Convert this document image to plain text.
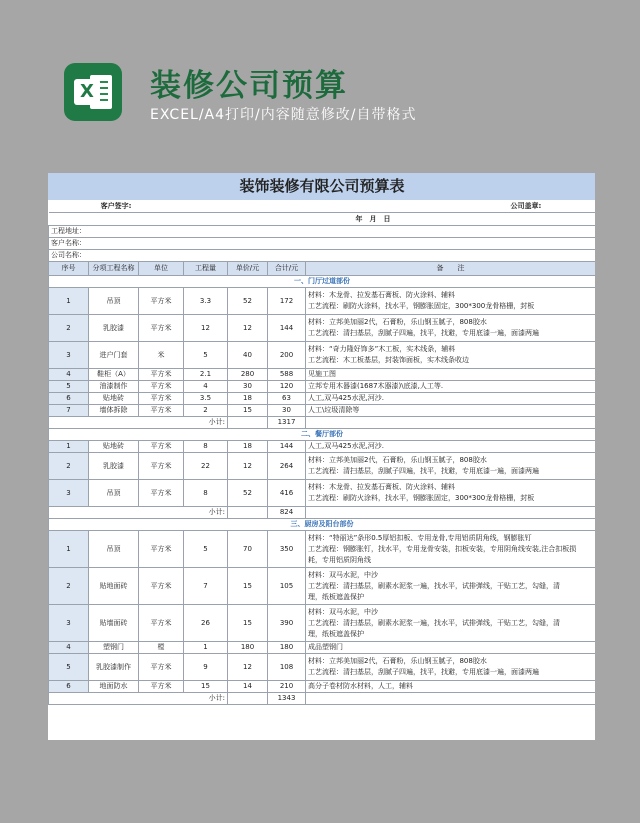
X 装修公司预算
EXCEL/A4打印/内容随意修改/自带格式
装饰装修有限公司预算表						
客户签字:						公司盖章:
						年　月　日
工程地址：						
客户名称：						
公司名称：						
序号	分项工程名称	单位	工程量	单价/元	合计/元	备　　注
一、门厅过道部份						
1	吊顶	平方米	3.3	52	172	材料：木龙骨、拉发基石膏板、防火涂料、辅料
工艺流程：刷防火涂料，找水平，钢膨胀固定，300*300龙骨格栅，封板

2	乳胶漆	平方米	12	12	144	材料：立邦美加丽2代，石膏粉，乐山钢玉腻子，808胶水
工艺流程：清扫基层，刮腻子四遍，找平，找避，专用底漆一遍，面漆两遍

3	进户门套	米	5	40	200	材料：“奇力隆好饰多”木工板，实木线条，辅料
工艺流程：木工板基层，封装饰面板，实木线条收边

4	鞋柜（A）	平方米	2.1	280	588	见施工图

5	油漆制作	平方米	4	30	120	立邦专用木器漆(1687木器漆)\底漆,人工等.

6	贴地砖	平方米	3.5	18	63	人工,双马425水泥,河沙.

7	墙体拆除	平方米	2	15	30	人工\垃圾清除等

小计:					1317	
二、餐厅部份						
1	贴地砖	平方米	8	18	144	人工,双马425水泥,河沙.

2	乳胶漆	平方米	22	12	264	材料：立邦美加丽2代，石膏粉，乐山钢玉腻子，808胶水
工艺流程：清扫基层，刮腻子四遍，找平，找避，专用底漆一遍，面漆两遍

3	吊顶	平方米	8	52	416	材料：木龙骨、拉发基石膏板、防火涂料、辅料
工艺流程：刷防火涂料，找水平，钢膨胀固定，300*300龙骨格栅，封板

小计:					824	
三、厨房及阳台部份						
1	吊顶	平方米	5	70	350	材料：“特丽达”条形0.5厚铝扣板、专用龙骨,专用铝质阴角线，钢膨胀钉
工艺流程：钢膨胀钉，找水平，专用龙骨安装，扣板安装，专用阴角线安装,注合扣板损
耗，专用铝质阴角线

2	贴地面砖	平方米	7	15	105	材料：双马水泥，中沙
工艺流程：清扫基层，刷素水泥浆一遍，找水平，试排弹线，干贴工艺，勾缝，清
理，纸板遮盖保护

3	贴墙面砖	平方米	26	15	390	材料：双马水泥，中沙
工艺流程：清扫基层，刷素水泥浆一遍，找水平，试排弹线，干贴工艺，勾缝，清
理，纸板遮盖保护

4	塑钢门	樘	1	180	180	成品塑钢门

5	乳胶漆制作	平方米	9	12	108	材料：立邦美加丽2代，石膏粉，乐山钢玉腻子，808胶水
工艺流程：清扫基层，刮腻子四遍，找平，找避，专用底漆一遍，面漆两遍

6	地面防水	平方米	15	14	210	高分子卷材防水材料，人工，辅料

小计:					1343	
